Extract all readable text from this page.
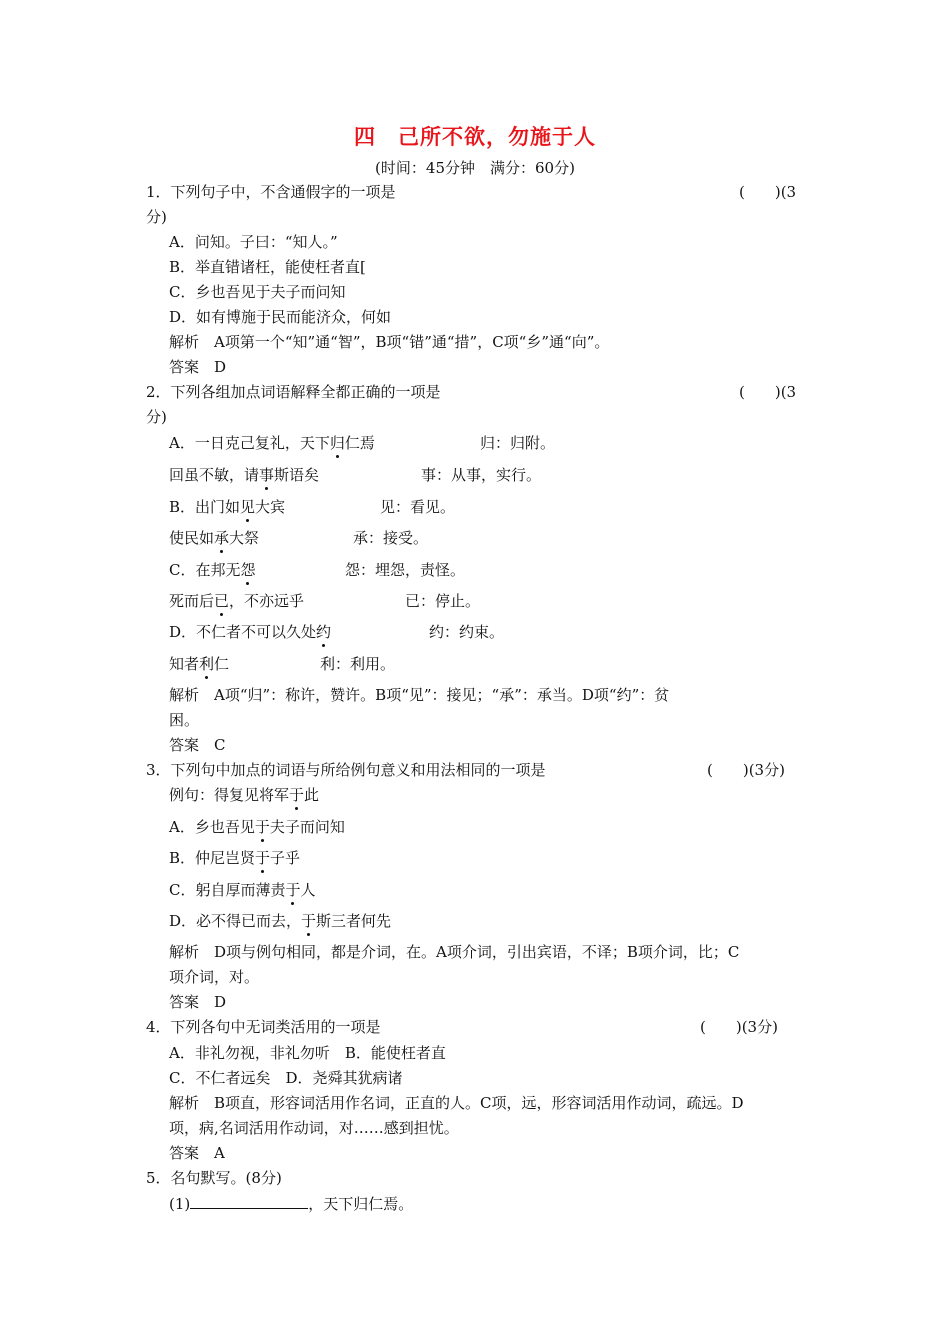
四　己所不欲，勿施于人
(时间：45分钟　满分：60分)
1．下列句子中，不含通假字的一项是	(　　)(3
分)
A．问知。子曰：“知人。”
B．举直错诸枉，能使枉者直[
C．乡也吾见于夫子而问知
D．如有博施于民而能济众，何如
解析　A项第一个“知”通“智”，B项“错”通“措”，C项“乡”通“向”。
答案　D
2．下列各组加点词语解释全都正确的一项是	(　　)(3
分)
A．一日克己复礼，天下归仁焉	归：归附。
回虽不敏，请事斯语矣	事：从事，实行。
B．出门如见大宾	见：看见。
使民如承大祭	承：接受。
C．在邦无怨	怨：埋怨，责怪。
死而后已，不亦远乎	已：停止。
D．不仁者不可以久处约	约：约束。
知者利仁	利：利用。
解析　A项“归”：称许，赞许。B项“见”：接见；“承”：承当。D项“约”：贫
困。
答案　C
3．下列句中加点的词语与所给例句意义和用法相同的一项是	(　　)(3分)
例句：得复见将军于此
A．乡也吾见于夫子而问知
B．仲尼岂贤于子乎
C．躬自厚而薄责于人
D．必不得已而去，于斯三者何先
解析　D项与例句相同，都是介词，在。A项介词，引出宾语，不译；B项介词，比；C
项介词，对。
答案　D
4．下列各句中无词类活用的一项是	(　　)(3分)
A．非礼勿视，非礼勿听　B．能使枉者直
C．不仁者远矣　D．尧舜其犹病诸
解析　B项直，形容词活用作名词，正直的人。C项，远，形容词活用作动词，疏远。D
项，病,名词活用作动词，对……感到担忧。
答案　A
5．名句默写。(8分)
(1)	，天下归仁焉。
